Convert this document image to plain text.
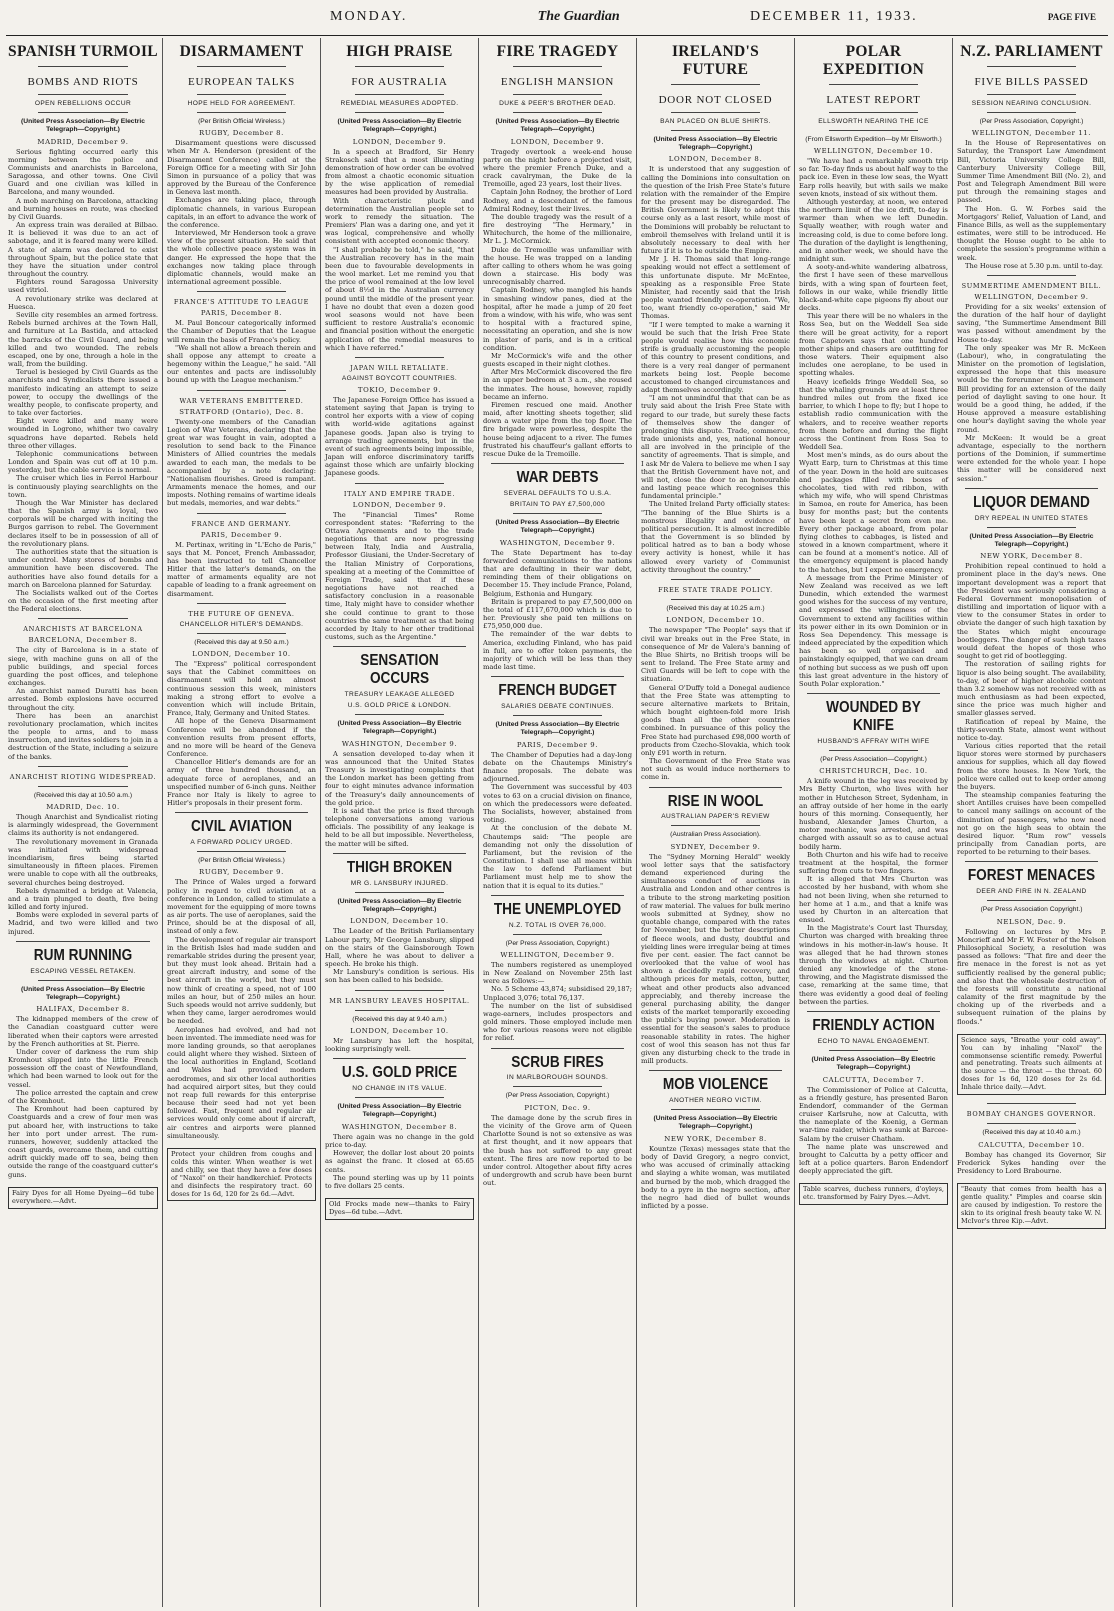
MONDAY.	The Guardian	DECEMBER 11, 1933.	PAGE FIVE
SPANISH TURMOIL
BOMBS AND RIOTS
OPEN REBELLIONS OCCUR
(United Press Association—By Electric Telegraph—Copyright.)
MADRID, December 9.

Serious fighting occurred early this morning between the police and Communists and anarchists in Barcelona, Saragossa, and other towns. One Civil Guard and one civilian was killed in Barcelona, and many wounded.

A mob marching on Barcelona, attacking and burning houses en route, was checked by Civil Guards.

An express train was derailed at Bilbao. It is believed it was due to an act of sabotage, and it is feared many were killed. A state of alarm was declared to exist throughout Spain, but the police state that they have the situation under control throughout the country.

Fighters round Saragossa University used vitriol.

A revolutionary strike was declared at Huesca.

Seville city resembles an armed fortress. Rebels burned archives at the Town Hall, and furniture at La Bastida, and attacked the barracks of the Civil Guard, and being killed and two wounded. The rebels escaped, one by one, through a hole in the wall, from the building.

Teruel is besieged by Civil Guards as the anarchists and Syndicalists there issued a manifesto indicating an attempt to seize power, to occupy the dwellings of the wealthy people, to confiscate property, and to take over factories.

Eight were killed and many were wounded in Logrono, whither two cavalry squadrons have departed. Rebels held three other villages.

Telephonic communications between London and Spain was cut off at 10 p.m. yesterday, but the cable service is normal.

The cruiser which lies in Ferrol Harbour is continuously playing searchlights on the town.

Though the War Minister has declared that the Spanish army is loyal, two corporals will be charged with inciting the Burgos garrison to rebel. The Government declares itself to be in possession of all of the revolutionary plans.

The authorities state that the situation is under control. Many stores of bombs and ammunition have been discovered. The authorities have also found details for a march on Barcelona planned for Saturday.

The Socialists walked out of the Cortes on the occasion of the first meeting after the Federal elections.

ANARCHISTS AT BARCELONA
BARCELONA, December 8.

The city of Barcelona is in a state of siege, with machine guns on all of the public buildings, and special forces guarding the post offices, and telephone exchanges.

An anarchist named Duratti has been arrested. Bomb explosions have occurred throughout the city.

There has been an anarchist revolutionary proclamation, which incites the people to arms, and to mass insurrection, and invites soldiers to join in a destruction of the State, including a seizure of the banks.

ANARCHIST RIOTING WIDESPREAD.
(Received this day at 10.50 a.m.)
MADRID, Dec. 10.

Though Anarchist and Syndicalist rioting is alarmingly widespread, the Government claims its authority is not endangered.

The revolutionary movement in Granada was initiated with widespread incendiarism, fires being started simultaneously in fifteen places. Firemen were unable to cope with all the outbreaks, several churches being destroyed.

Rebels dynamited a bridge at Valencia, and a train plunged to death, five being killed and forty injured.

Bombs were exploded in several parts of Madrid, and two were killed and two injured.

RUM RUNNING
ESCAPING VESSEL RETAKEN.
(United Press Association—By Electric Telegraph—Copyright.)
HALIFAX, December 8.

The kidnapped members of the crew of the Canadian coastguard cutter were liberated when their captors were arrested by the French authorities at St. Pierre.

Under cover of darkness the rum ship Kromhout slipped into the little French possession off the coast of Newfoundland, which had been warned to look out for the vessel.

The police arrested the captain and crew of the Kromhout.

The Kromhout had been captured by Coastguards and a crew of four men was put aboard her, with instructions to take her into port under arrest. The rum-runners, however, suddenly attacked the coast guards, overcame them, and cutting adrift quickly made off to sea, being then outside the range of the coastguard cutter's guns.

Fairy Dyes for all Home Dyeing—6d tube everywhere.—Advt.
DISARMAMENT
EUROPEAN TALKS
HOPE HELD FOR AGREEMENT.
(Per British Official Wireless.)
RUGBY, December 8.

Disarmament questions were discussed when Mr A. Henderson (president of the Disarmament Conference) called at the Foreign Office for a meeting with Sir John Simon in pursuance of a policy that was approved by the Bureau of the Conference in Geneva last month.

Exchanges are taking place, through diplomatic channels, in various European capitals, in an effort to advance the work of the conference.

Interviewed, Mr Henderson took a grave view of the present situation. He said that the whole collective peace system was in danger. He expressed the hope that the exchanges now taking place through diplomatic channels, would make an international agreement possible.

FRANCE'S ATTITUDE TO LEAGUE
PARIS, December 8.

M. Paul Boncour categorically informed the Chamber of Deputies that the League will remain the basis of France's policy.

"We shall not allow a breach therein and shall oppose any attempt to create a hegemony within the League," he said. "All our ententes and pacts are indissolubly bound up with the League mechanism."

WAR VETERANS EMBITTERED.
STRATFORD (Ontario), Dec. 8.

Twenty-one members of the Canadian Legion of War Veterans, declaring that the great war was fought in vain, adopted a resolution to send back to the Finance Ministers of Allied countries the medals awarded to each man, the medals to be accompanied by a note declaring: "Nationalism flourishes. Greed is rampant. Armaments menace the homes, and our imposts. Nothing remains of wartime ideals but medals, memories, and war debts."

FRANCE AND GERMANY.
PARIS, December 9.

M. Pertinax, writing in "L'Echo de Paris," says that M. Poncet, French Ambassador, has been instructed to tell Chancellor Hitler that the latter's demands, on the matter of armaments equality are not capable of leading to a frank agreement on disarmament.

THE FUTURE OF GENEVA.
CHANCELLOR HITLER'S DEMANDS.
(Received this day at 9.50 a.m.)
LONDON, December 10.

The "Express" political correspondent says that the Cabinet committees on disarmament will hold an almost continuous session this week, ministers making a strong effort to evolve a convention which will include Britain, France, Italy, Germany and United States.

All hope of the Geneva Disarmament Conference will be abandoned if the convention results from present efforts, and no more will be heard of the Geneva Conference.

Chancellor Hitler's demands are for an army of three hundred thousand, an adequate force of aeroplanes, and an unspecified number of 6-inch guns. Neither France nor Italy is likely to agree to Hitler's proposals in their present form.

CIVIL AVIATION
A FORWARD POLICY URGED.
(Per British Official Wireless.)
RUGBY, December 9.

The Prince of Wales urged a forward policy in regard to civil aviation at a conference in London, called to stimulate a movement for the equipping of more towns as air ports. The use of aeroplanes, said the Prince, should be at the disposal of all, instead of only a few.

The development of regular air transport in the British Isles had made sudden and remarkable strides during the present year, but they must look ahead. Britain had a great aircraft industry, and some of the best aircraft in the world, but they must now think of creating a speed, not of 100 miles an hour, but of 250 miles an hour. Such speeds would not arrive suddenly, but when they came, larger aerodromes would be needed.

Aeroplanes had evolved, and had not been invented. The immediate need was for more landing grounds, so that aeroplanes could alight where they wished. Sixteen of the local authorities in England, Scotland and Wales had provided modern aerodromes, and six other local authorities had acquired airport sites, but they could not reap full rewards for this enterprise because their seed had not yet been followed. Fast, frequent and regular air services would only come about if aircraft, air centres and airports were planned simultaneously.

Protect your children from coughs and colds this winter. When weather is wet and chilly, see that they have a few doses of "Naxol" on their handkerchief. Protects and disinfects the respiratory tract. 60 doses for 1s 6d, 120 for 2s 6d.—Advt.
HIGH PRAISE
FOR AUSTRALIA
REMEDIAL MEASURES ADOPTED.
(United Press Association—By Electric Telegraph—Copyright.)
LONDON, December 9.

In a speech at Bradford, Sir Henry Strakosch said that a most illuminating demonstration of how order can be evolved from almost a chaotic economic situation by the wise application of remedial measures had been provided by Australia.

With characteristic pluck and determination the Australian people set to work to remedy the situation. The Premiers' Plan was a daring one, and yet it was logical, comprehensive and wholly consistent with accepted economic theory.

"I shall probably be told," he said, "that the Australian recovery has in the main been due to favourable developments in the wool market. Let me remind you that the price of wool remained at the low level of about 8½d in the Australian currency pound until the middle of the present year. I have no doubt that even a dozen good wool seasons would not have been sufficient to restore Australia's economic and financial position without the energetic application of the remedial measures to which I have referred."

JAPAN WILL RETALIATE.
AGAINST BOYCOTT COUNTRIES.
TOKIO, December 9.

The Japanese Foreign Office has issued a statement saying that Japan is trying to control her exports with a view of coping with world-wide agitations against Japanese goods. Japan also is trying to arrange trading agreements, but in the event of such agreements being impossible, Japan will enforce discriminatory tariffs against those which are unfairly blocking Japanese goods.

ITALY AND EMPIRE TRADE.
LONDON, December 9.

The "Financial Times" Rome correspondent states: "Referring to the Ottawa Agreements and to the trade negotiations that are now progressing between Italy, India and Australia, Professor Giusiani, the Under-Secretary of the Italian Ministry of Corporations, speaking at a meeting of the Committee of Foreign Trade, said that if these negotiations have not reached a satisfactory conclusion in a reasonable time, Italy might have to consider whether she could continue to grant to those countries the same treatment as that being accorded by Italy to her other traditional customs, such as the Argentine."

SENSATION OCCURS
TREASURY LEAKAGE ALLEGED
U.S. GOLD PRICE & LONDON.
(United Press Association—By Electric Telegraph—Copyright.)
WASHINGTON, December 9.

A sensation developed to-day when it was announced that the United States Treasury is investigating complaints that the London market has been getting from four to eight minutes advance information of the Treasury's daily announcements of the gold price.

It is said that the price is fixed through telephone conversations among various officials. The possibility of any leakage is held to be all but impossible. Nevertheless, the matter will be sifted.

THIGH BROKEN
MR G. LANSBURY INJURED.
(United Press Association—By Electric Telegraph—Copyright.)
LONDON, December 10.

The Leader of the British Parliamentary Labour party, Mr George Lansbury, slipped on the stairs of the Gainsborough Town Hall, where he was about to deliver a speech. He broke his thigh.

Mr Lansbury's condition is serious. His son has been called to his bedside.

MR LANSBURY LEAVES HOSPITAL.
(Received this day at 9.40 a.m.)
LONDON, December 10.

Mr Lansbury has left the hospital, looking surprisingly well.

U.S. GOLD PRICE
NO CHANGE IN ITS VALUE.
(United Press Association—By Electric Telegraph—Copyright.)
WASHINGTON, December 8.

There again was no change in the gold price to-day.

However, the dollar lost about 20 points as against the franc. It closed at 65.65 cents.

The pound sterling was up by 11 points to five dollars 25 cents.

Old Frocks made new—thanks to Fairy Dyes—6d tube.—Advt.
FIRE TRAGEDY
ENGLISH MANSION
DUKE & PEER'S BROTHER DEAD.
(United Press Association—By Electric Telegraph—Copyright.)
LONDON, December 9.

Tragedy overtook a week-end house party on the night before a projected visit, where the premier French Duke, and a crack cavalryman, the Duke de la Tremoille, aged 23 years, lost their lives.

Captain John Rodney, the brother of Lord Rodney, and a descendant of the famous Admiral Rodney, lost their lives.

The double tragedy was the result of a fire destroying "The Hermary," in Whitechurch, the home of the millionaire, Mr L. J. McCormick.

Duke de Tremoille was unfamiliar with the house. He was trapped on a landing after calling to others whom he was going down a staircase. His body was unrecognisably charred.

Captain Rodney, who mangled his hands in smashing window panes, died at the hospital, after he made a jump of 20 feet from a window, with his wife, who was sent to hospital with a fractured spine, necessitating an operation, and she is now in plaster of paris, and is in a critical condition.

Mr McCormick's wife and the other guests escaped in their night clothes.

After Mrs McCormick discovered the fire in an upper bedroom at 3 a.m., she roused the inmates. The house, however, rapidly became an inferno.

Firemen rescued one maid. Another maid, after knotting sheets together, slid down a water pipe from the top floor. The fire brigade were powerless, despite the house being adjacent to a river. The fumes frustrated his chauffeur's gallant efforts to rescue Duke de la Tremoille.

WAR DEBTS
SEVERAL DEFAULTS TO U.S.A.
BRITAIN TO PAY £7,500,000
(United Press Association—By Electric Telegraph—Copyright.)
WASHINGTON, December 9.

The State Department has to-day forwarded communications to the nations that are defaulting in their war debt, reminding them of their obligations on December 15. They include France, Poland, Belgium, Esthonia and Hungary.

Britain is prepared to pay £7,500,000 on the total of £117,670,000 which is due to her. Previously she paid ten millions on £75,950,000 due.

The remainder of the war debts to America, excluding Finland, who has paid in full, are to offer token payments, the majority of which will be less than they made last time.

FRENCH BUDGET
SALARIES DEBATE CONTINUES.
(United Press Association—By Electric Telegraph—Copyright.)
PARIS, December 9.

The Chamber of Deputies had a day-long debate on the Chautemps Ministry's finance proposals. The debate was adjourned.

The Government was successful by 403 votes to 63 on a crucial division on finance, on which the predecessors were defeated. The Socialists, however, abstained from voting.

At the conclusion of the debate M. Chautemps said: "The people are demanding not only the dissolution of Parliament, but the revision of the Constitution. I shall use all means within the law to defend Parliament but Parliament must help me to show the nation that it is equal to its duties."

THE UNEMPLOYED
N.Z. TOTAL IS OVER 76,000.
(Per Press Association, Copyright.)
WELLINGTON, December 9.

The numbers registered as unemployed in New Zealand on November 25th last were as follows:—

No. 5 Scheme 43,874; subsidised 29,187; Unplaced 3,076; total 76,137.

The number on the list of subsidised wage-earners, includes prospectors and gold miners. Those employed include men who for various reasons were not eligible for relief.

SCRUB FIRES
IN MARLBOROUGH SOUNDS.
(Per Press Association, Copyright.)
PICTON, Dec. 9.

The damage done by the scrub fires in the vicinity of the Grove arm of Queen Charlotte Sound is not so extensive as was at first thought, and it now appears that the bush has not suffered to any great extent. The fires are now reported to be under control. Altogether about fifty acres of undergrowth and scrub have been burnt out.

IRELAND'S FUTURE
DOOR NOT CLOSED
BAN PLACED ON BLUE SHIRTS.
(United Press Association—By Electric Telegraph—Copyright.)
LONDON, December 8.

It is understood that any suggestion of calling the Dominions into consultation on the question of the Irish Free State's future relation with the remainder of the Empire for the present may be disregarded. The British Government is likely to adopt this course only as a last resort, while most of the Dominions will probably be reluctant to embroil themselves with Ireland until it is absolutely necessary to deal with her future if it is to be outside the Empire.

Mr J. H. Thomas said that long-range speaking would not effect a settlement of this unfortunate dispute. Mr McEntee, speaking as a responsible Free State Minister, had recently said that the Irish people wanted friendly co-operation. "We, too, want friendly co-operation," said Mr Thomas.

"If I were tempted to make a warning it would be such that the Irish Free State people would realise how this economic strife is gradually accustoming the people of this country to present conditions, and there is a very real danger of permanent markets being lost. People become accustomed to changed circumstances and adapt themselves accordingly.

"I am not unmindful that that can be as truly said about the Irish Free State with regard to our trade, but surely these facts of themselves show the danger of prolonging this dispute. Trade, commerce, trade unionists and, yes, national honour all are involved in the principle of the sanctity of agreements. That is simple, and I ask Mr de Valera to believe me when I say that the British Government have not, and will not, close the door to an honourable and lasting peace which recognises this fundamental principle."

The United Ireland Party officially states: "The banning of the Blue Shirts is a monstrous illegality and evidence of political persecution. It is almost incredible that the Government is so blinded by political hatred as to ban a body whose every activity is honest, while it has allowed every variety of Communist activity throughout the country."

FREE STATE TRADE POLICY.
(Received this day at 10.25 a.m.)
LONDON, December 10.

The newspaper "The People" says that if civil war breaks out in the Free State, in consequence of Mr de Valera's banning of the Blue Shirts, no British troops will be sent to Ireland. The Free State army and Civil Guards will be left to cope with the situation.

General O'Duffy told a Donegal audience that the Free State was attempting to secure alternative markets to Britain, which bought eighteen-fold more Irish goods than all the other countries combined. In pursuance of this policy the Free State had purchased £98,000 worth of products from Czecho-Slovakia, which took only £91 worth in return.

The Government of the Free State was not such as would induce northerners to come in.

RISE IN WOOL
AUSTRALIAN PAPER'S REVIEW
(Australian Press Association).
SYDNEY, December 9.

The "Sydney Morning Herald" weekly wool letter says that the satisfactory demand experienced during the simultaneous conduct of auctions in Australia and London and other centres is a tribute to the strong marketing position of raw material. The values for bulk merino wools submitted at Sydney, show no quotable change, compared with the rates for November, but the better descriptions of fleece wools, and dusty, doubtful and yielding lines were irregular being at times five per cent. easier. The fact cannot be overlooked that the value of wool has shown a decidedly rapid recovery, and although prices for metals, cotton, butter, wheat and other products also advanced appreciably, and thereby increase the general purchasing ability, the danger exists of the market temporarily exceeding the public's buying power. Moderation is essential for the season's sales to produce reasonable stability in rates. The higher cost of wool this season has not thus far given any disturbing check to the trade in mill products.

MOB VIOLENCE
ANOTHER NEGRO VICTIM.
(United Press Association—By Electric Telegraph—Copyright.)
NEW YORK, December 8.

Kountze (Texas) messages state that the body of David Gregory, a negro convict, who was accused of criminally attacking and slaying a white woman, was mutilated and burned by the mob, which dragged the body to a pyre in the negro section, after the negro had died of bullet wounds inflicted by a posse.

POLAR EXPEDITION
LATEST REPORT
ELLSWORTH NEARING THE ICE
(From Ellsworth Expedition—by Mr Ellsworth.)
WELLINGTON, December 10.

"We have had a remarkably smooth trip so far. To-day finds us about half way to the pack ice. Even in these low seas, the Wyatt Earp rolls heavily, but with sails we make seven knots, instead of six without them.

Although yesterday, at noon, we entered the northern limit of the ice drift, to-day is warmer than when we left Dunedin. Squally weather, with rough water and increasing cold, is due to come before long. The duration of the daylight is lengthening, and in another week, we should have the midnight sun.

A sooty-and-white wandering albatross, the first I have seen of these marvellous birds, with a wing span of fourteen feet, follows in our wake, while friendly little black-and-white cape pigeons fly about our decks.

This year there will be no whalers in the Ross Sea, but on the Weddell Sea side there will be great activity, for a report from Capetown says that one hundred mother ships and chasers are outfitting for those waters. Their equipment also includes one aeroplane, to be used in spotting whales.

Heavy icefields fringe Weddell Sea, so that the whaling grounds are at least three hundred miles out from the fixed ice barrier, to which I hope to fly; but I hope to establish radio communication with the whalers, and to receive weather reports from them before and during the flight across the Continent from Ross Sea to Weddell Sea.

Most men's minds, as do ours about the Wyatt Earp, turn to Christmas at this time of the year. Down in the hold are suitcases and packages filled with boxes of chocolates, tied with red ribbon, with which my wife, who will spend Christmas in Samoa, en route for America, has been busy for months past; but the contents have been kept a secret from even me. Every other package aboard, from polar flying clothes to cabbages, is listed and stowed in a known compartment, where it can be found at a moment's notice. All of the emergency equipment is placed handy to the hatches, but I expect no emergency.

A message from the Prime Minister of New Zealand was received as we left Dunedin, which extended the warmest good wishes for the success of my venture, and expressed the willingness of the Government to extend any facilities within its power either in its own Dominion or in Ross Sea Dependency. This message is indeed appreciated by the expedition which has been so well organised and painstakingly equipped, that we can dream of nothing but success as we push off upon this last great adventure in the history of South Polar exploration."

WOUNDED BY KNIFE
HUSBAND'S AFFRAY WITH WIFE
(Per Press Association—Copyright.)
CHRISTCHURCH, Dec. 10.

A knife wound in the leg was received by Mrs Betty Churton, who lives with her mother in Hutcheson Street, Sydenham, in an affray outside of her home in the early hours of this morning. Consequently, her husband, Alexander James Churton, a motor mechanic, was arrested, and was charged with assault so as to cause actual bodily harm.

Both Churton and his wife had to receive treatment at the hospital, the former suffering from cuts to two fingers.

It is alleged that Mrs Churton was accosted by her husband, with whom she had not been living, when she returned to her home at 1 a.m., and that a knife was used by Churton in an altercation that ensued.

In the Magistrate's Court last Thursday, Churton was charged with breaking three windows in his mother-in-law's house. It was alleged that he had thrown stones through the windows at night. Churton denied any knowledge of the stone-throwing, and the Magistrate dismissed the case, remarking at the same time, that there was evidently a good deal of feeling between the parties.

FRIENDLY ACTION
ECHO TO NAVAL ENGAGEMENT.
(United Press Association—By Electric Telegraph—Copyright.)
CALCUTTA, December 7.

The Commissioner of Police at Calcutta, as a friendly gesture, has presented Baron Endendorf, commander of the German cruiser Karlsruhe, now at Calcutta, with the nameplate of the Koenig, a German war-time raider, which was sunk at Barcee-Salam by the cruiser Chatham.

The name plate was unscrewed and brought to Calcutta by a petty officer and left at a police quarters. Baron Endendorf deeply appreciated the gift.

Table scarves, duchess runners, d'oyleys, etc. transformed by Fairy Dyes.—Advt.
N.Z. PARLIAMENT
FIVE BILLS PASSED
SESSION NEARING CONCLUSION.
(Per Press Association, Copyright.)
WELLINGTON, December 11.

In the House of Representatives on Saturday, the Transport Law Amendment Bill, Victoria University College Bill, Canterbury University College Bill, Summer Time Amendment Bill (No. 2), and Post and Telegraph Amendment Bill were put through the remaining stages and passed.

The Hon. G. W. Forbes said the Mortgagors' Relief, Valuation of Land, and Finance Bills, as well as the supplementary estimates, were still to be introduced. He thought the House ought to be able to complete the session's programme within a week.

The House rose at 5.30 p.m. until to-day.

SUMMERTIME AMENDMENT BILL.
WELLINGTON, December 9.

Providing for a six weeks' extension of the duration of the half hour of daylight saving, "the Summertime Amendment Bill was passed without amendment by the House to-day.

The only speaker was Mr R. McKeen (Labour), who, in congratulating the Minister on the promotion of legislation, expressed the hope that this measure would be the forerunner of a Government Bill providing for an extension of the daily period of daylight saving to one hour. It would be a good thing, he added, if the House approved a measure establishing one hour's daylight saving the whole year round.

Mr McKeen: It would be a great advantage, especially to the northern portions of the Dominion, if summertime were extended for the whole year. I hope this matter will be considered next session."

LIQUOR DEMAND
DRY REPEAL IN UNITED STATES
(United Press Association—By Electric Telegraph—Copyright.)
NEW YORK, December 8.

Prohibition repeal continued to hold a prominent place in the day's news. One important development was a report that the President was seriously considering a Federal Government monopolisation of distilling and importation of liquor with a view to the consumer States in order to obviate the danger of such high taxation by the States which might encourage bootleggers. The danger of such high taxes would defeat the hopes of those who sought to get rid of bootlegging.

The restoration of sailing rights for liquor is also being sought. The availability, to-day, of beer of higher alcoholic content than 3.2 somehow was not received with as much enthusiasm as had been expected, since the price was much higher and smaller glasses served.

Ratification of repeal by Maine, the thirty-seventh State, almost went without notice to-day.

Various cities reported that the retail liquor stores were stormed by purchasers anxious for supplies, which all day flowed from the store houses. In New York, the police were called out to keep order among the buyers.

The steamship companies featuring the short Antilles cruises have been compelled to cancel many sailings on account of the diminution of passengers, who now need not go on the high seas to obtain the desired liquor. "Rum row" vessels principally from Canadian ports, are reported to be returning to their bases.

FOREST MENACES
DEER AND FIRE IN N. ZEALAND
(Per Press Association Copyright.)
NELSON, Dec. 9.

Following on lectures by Mrs P. Moncrieff and Mr F. W. Foster of the Nelson Philosophical Society, a resolution was passed as follows: "That fire and deer the fire menace in the forest is not as yet sufficiently realised by the general public; and also that the wholesale destruction of the forests will constitute a national calamity of the first magnitude by the choking up of the riverbeds and a subsequent ruination of the plains by floods."

Science says, "Breathe your cold away". You can by inhaling "Naxol" the commonsense scientific remedy. Powerful and penetrating. Treats such ailments at the source — the throat — the throat. 60 doses for 1s 6d, 120 doses for 2s 6d. Inhale thrice daily.—Advt.
BOMBAY CHANGES GOVERNOR.
(Received this day at 10.40 a.m.)
CALCUTTA, December 10.

Bombay has changed its Governor, Sir Frederick Sykes handing over the Presidency to Lord Brabourne.

"Beauty that comes from health has a gentle quality." Pimples and coarse skin are caused by indigestion. To restore the skin to its original fresh beauty take W. N. McIvor's three Kip.—Advt.
